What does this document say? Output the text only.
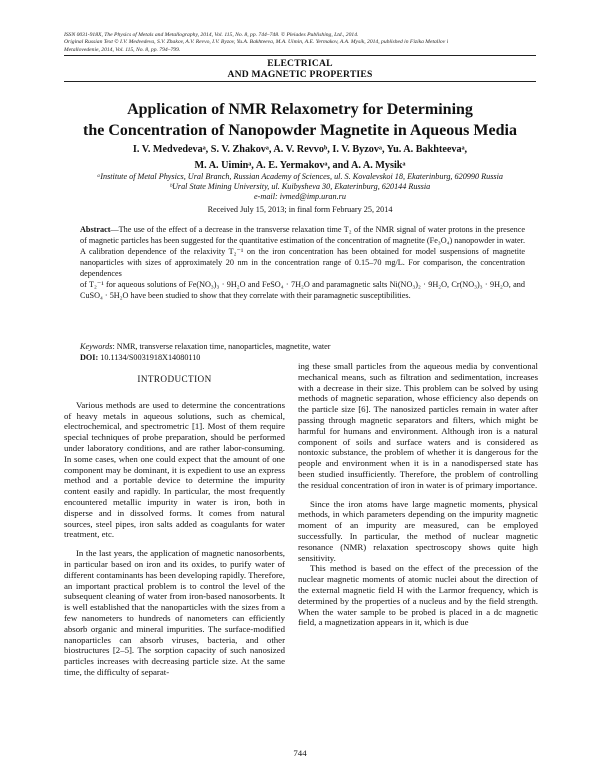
ISSN 0031-918X, The Physics of Metals and Metallography, 2014, Vol. 115, No. 8, pp. 744–748. © Pleiades Publishing, Ltd., 2014.
Original Russian Text © I.V. Medvedeva, S.V. Zhakov, A.V. Revvo, I.V. Byzov, Yu.A. Bakhteeva, M.A. Uimin, A.E. Yermakov, A.A. Mysik, 2014, published in Fizika Metallov i
Metallovedenie, 2014, Vol. 115, No. 8, pp. 794–799.
ELECTRICAL
AND MAGNETIC PROPERTIES
Application of NMR Relaxometry for Determining
the Concentration of Nanopowder Magnetite in Aqueous Media
I. V. Medvedevaᵃ, S. V. Zhakovᵃ, A. V. Revvoᵇ, I. V. Byzovᵃ, Yu. A. Bakhteevaᵃ,
M. A. Uiminᵃ, A. E. Yermakovᵃ, and A. A. Mysikᵃ
ᵃInstitute of Metal Physics, Ural Branch, Russian Academy of Sciences, ul. S. Kovalevskoi 18, Ekaterinburg, 620990 Russia
ᵇUral State Mining University, ul. Kuibysheva 30, Ekaterinburg, 620144 Russia
e-mail: ivmed@imp.uran.ru
Received July 15, 2013; in final form February 25, 2014

Abstract—The use of the effect of a decrease in the transverse relaxation time T₂ of the NMR signal of water protons in the presence of magnetic particles has been suggested for the quantitative estimation of the concentration of magnetite (Fe₃O₄) nanopowder in water. A calibration dependence of the relaxivity T₂⁻¹ on the iron concentration has been obtained for model suspensions of magnetite nanoparticles with sizes of approximately 20 nm in the concentration range of 0.15–70 mg/L. For comparison, the concentration dependences

of T₂⁻¹ for aqueous solutions of Fe(NO₃)₃ · 9H₂O and FeSO₄ · 7H₂O and paramagnetic salts Ni(NO₃)₂ · 9H₂O, Cr(NO₃)₃ · 9H₂O, and CuSO₄ · 5H₂O have been studied to show that they correlate with their paramagnetic susceptibilities.

Keywords: NMR, transverse relaxation time, nanoparticles, magnetite, water
DOI: 10.1134/S0031918X14080110

INTRODUCTION

Various methods are used to determine the concentrations of heavy metals in aqueous solutions, such as chemical, electrochemical, and spectrometric [1]. Most of them require special techniques of probe preparation, should be performed under laboratory conditions, and are rather labor-consuming. In some cases, when one could expect that the amount of one component may be dominant, it is expedient to use an express method and a portable device to determine the impurity content easily and rapidly. In particular, the most frequently encountered metallic impurity in water is iron, both in disperse and in dissolved forms. It comes from natural sources, steel pipes, iron salts added as coagulants for water treatment, etc.

In the last years, the application of magnetic nanosorbents, in particular based on iron and its oxides, to purify water of different contaminants has been developing rapidly. Therefore, an important practical problem is to control the level of the subsequent cleaning of water from iron-based nanosorbents. It is well established that the nanoparticles with the sizes from a few nanometers to hundreds of nanometers can efficiently absorb organic and mineral impurities. The surface-modified nanoparticles can absorb viruses, bacteria, and other biostructures [2–5]. The sorption capacity of such nanosized particles increases with decreasing particle size. At the same time, the difficulty of separat-

ing these small particles from the aqueous media by conventional mechanical means, such as filtration and sedimentation, increases with a decrease in their size. This problem can be solved by using methods of magnetic separation, whose efficiency also depends on the particle size [6]. The nanosized particles remain in water after passing through magnetic separators and filters, which might be harmful for humans and environment. Although iron is a natural component of soils and surface waters and is considered as nontoxic substance, the problem of whether it is dangerous for the people and environment when it is in a nanodispersed state has been studied insufficiently. Therefore, the problem of controlling the residual concentration of iron in water is of primary importance.

Since the iron atoms have large magnetic moments, physical methods, in which parameters depending on the impurity magnetic moment of an impurity are measured, can be employed successfully. In particular, the method of nuclear magnetic resonance (NMR) relaxation spectroscopy shows quite high sensitivity.

This method is based on the effect of the precession of the nuclear magnetic moments of atomic nuclei about the direction of the external magnetic field H with the Larmor frequency, which is determined by the properties of a nucleus and by the field strength. When the water sample to be probed is placed in a dc magnetic field, a magnetization appears in it, which is due

744
